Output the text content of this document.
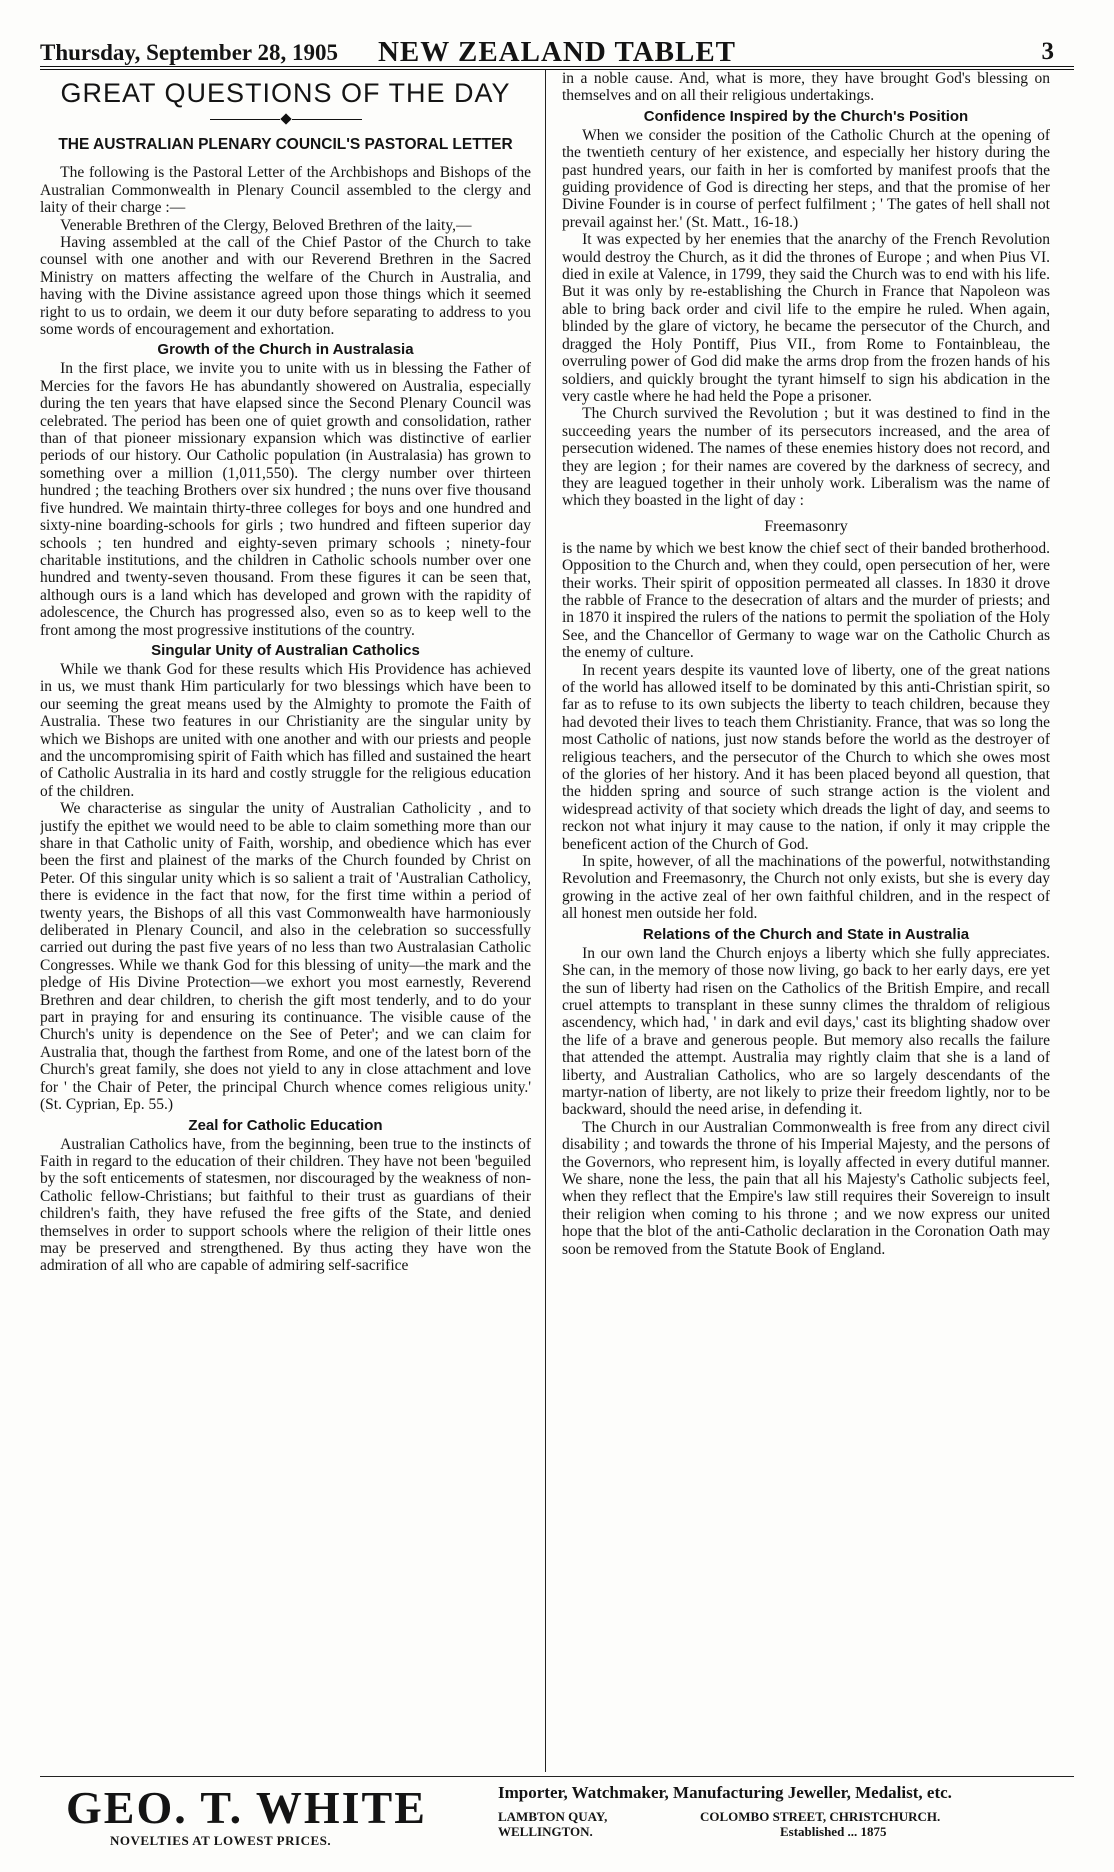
Thursday, September 28, 1905	NEW ZEALAND TABLET	3
GREAT QUESTIONS OF THE DAY
THE AUSTRALIAN PLENARY COUNCIL'S PASTORAL LETTER

The following is the Pastoral Letter of the Archbishops and Bishops of the Australian Commonwealth in Plenary Council assembled to the clergy and laity of their charge :—

Venerable Brethren of the Clergy, Beloved Brethren of the laity,—

Having assembled at the call of the Chief Pastor of the Church to take counsel with one another and with our Reverend Brethren in the Sacred Ministry on matters affecting the welfare of the Church in Australia, and having with the Divine assistance agreed upon those things which it seemed right to us to ordain, we deem it our duty before separating to address to you some words of encouragement and exhortation.

Growth of the Church in Australasia

In the first place, we invite you to unite with us in blessing the Father of Mercies for the favors He has abundantly showered on Australia, especially during the ten years that have elapsed since the Second Plenary Council was celebrated. The period has been one of quiet growth and consolidation, rather than of that pioneer missionary expansion which was distinctive of earlier periods of our history. Our Catholic population (in Australasia) has grown to something over a million (1,011,550). The clergy number over thirteen hundred ; the teaching Brothers over six hundred ; the nuns over five thousand five hundred. We maintain thirty-three colleges for boys and one hundred and sixty-nine boarding-schools for girls ; two hundred and fifteen superior day schools ; ten hundred and eighty-seven primary schools ; ninety-four charitable institutions, and the children in Catholic schools number over one hundred and twenty-seven thousand. From these figures it can be seen that, although ours is a land which has developed and grown with the rapidity of adolescence, the Church has progressed also, even so as to keep well to the front among the most progressive institutions of the country.

Singular Unity of Australian Catholics

While we thank God for these results which His Providence has achieved in us, we must thank Him particularly for two blessings which have been to our seeming the great means used by the Almighty to promote the Faith of Australia. These two features in our Christianity are the singular unity by which we Bishops are united with one another and with our priests and people and the uncompromising spirit of Faith which has filled and sustained the heart of Catholic Australia in its hard and costly struggle for the religious education of the children.

We characterise as singular the unity of Australian Catholicity , and to justify the epithet we would need to be able to claim something more than our share in that Catholic unity of Faith, worship, and obedience which has ever been the first and plainest of the marks of the Church founded by Christ on Peter. Of this singular unity which is so salient a trait of 'Australian Catholicy, there is evidence in the fact that now, for the first time within a period of twenty years, the Bishops of all this vast Commonwealth have harmoniously deliberated in Plenary Council, and also in the celebration so successfully carried out during the past five years of no less than two Australasian Catholic Congresses. While we thank God for this blessing of unity—the mark and the pledge of His Divine Protection—we exhort you most earnestly, Reverend Brethren and dear children, to cherish the gift most tenderly, and to do your part in praying for and ensuring its continuance. The visible cause of the Church's unity is dependence on the See of Peter'; and we can claim for Australia that, though the farthest from Rome, and one of the latest born of the Church's great family, she does not yield to any in close attachment and love for ' the Chair of Peter, the principal Church whence comes religious unity.' (St. Cyprian, Ep. 55.)

Zeal for Catholic Education

Australian Catholics have, from the beginning, been true to the instincts of Faith in regard to the education of their children. They have not been 'beguiled by the soft enticements of statesmen, nor discouraged by the weakness of non-Catholic fellow-Christians; but faithful to their trust as guardians of their children's faith, they have refused the free gifts of the State, and denied themselves in order to support schools where the religion of their little ones may be preserved and strengthened. By thus acting they have won the admiration of all who are capable of admiring self-sacrifice

in a noble cause. And, what is more, they have brought God's blessing on themselves and on all their religious undertakings.

Confidence Inspired by the Church's Position

When we consider the position of the Catholic Church at the opening of the twentieth century of her existence, and especially her history during the past hundred years, our faith in her is comforted by manifest proofs that the guiding providence of God is directing her steps, and that the promise of her Divine Founder is in course of perfect fulfilment ; ' The gates of hell shall not prevail against her.' (St. Matt., 16-18.)

It was expected by her enemies that the anarchy of the French Revolution would destroy the Church, as it did the thrones of Europe ; and when Pius VI. died in exile at Valence, in 1799, they said the Church was to end with his life. But it was only by re-establishing the Church in France that Napoleon was able to bring back order and civil life to the empire he ruled. When again, blinded by the glare of victory, he became the persecutor of the Church, and dragged the Holy Pontiff, Pius VII., from Rome to Fontainbleau, the overruling power of God did make the arms drop from the frozen hands of his soldiers, and quickly brought the tyrant himself to sign his abdication in the very castle where he had held the Pope a prisoner.

The Church survived the Revolution ; but it was destined to find in the succeeding years the number of its persecutors increased, and the area of persecution widened. The names of these enemies history does not record, and they are legion ; for their names are covered by the darkness of secrecy, and they are leagued together in their unholy work. Liberalism was the name of which they boasted in the light of day :

Freemasonry

is the name by which we best know the chief sect of their banded brotherhood. Opposition to the Church and, when they could, open persecution of her, were their works. Their spirit of opposition permeated all classes. In 1830 it drove the rabble of France to the desecration of altars and the murder of priests; and in 1870 it inspired the rulers of the nations to permit the spoliation of the Holy See, and the Chancellor of Germany to wage war on the Catholic Church as the enemy of culture.

In recent years despite its vaunted love of liberty, one of the great nations of the world has allowed itself to be dominated by this anti-Christian spirit, so far as to refuse to its own subjects the liberty to teach children, because they had devoted their lives to teach them Christianity. France, that was so long the most Catholic of nations, just now stands before the world as the destroyer of religious teachers, and the persecutor of the Church to which she owes most of the glories of her history. And it has been placed beyond all question, that the hidden spring and source of such strange action is the violent and widespread activity of that society which dreads the light of day, and seems to reckon not what injury it may cause to the nation, if only it may cripple the beneficent action of the Church of God.

In spite, however, of all the machinations of the powerful, notwithstanding Revolution and Freemasonry, the Church not only exists, but she is every day growing in the active zeal of her own faithful children, and in the respect of all honest men outside her fold.

Relations of the Church and State in Australia

In our own land the Church enjoys a liberty which she fully appreciates. She can, in the memory of those now living, go back to her early days, ere yet the sun of liberty had risen on the Catholics of the British Empire, and recall cruel attempts to transplant in these sunny climes the thraldom of religious ascendency, which had, ' in dark and evil days,' cast its blighting shadow over the life of a brave and generous people. But memory also recalls the failure that attended the attempt. Australia may rightly claim that she is a land of liberty, and Australian Catholics, who are so largely descendants of the martyr-nation of liberty, are not likely to prize their freedom lightly, nor to be backward, should the need arise, in defending it.

The Church in our Australian Commonwealth is free from any direct civil disability ; and towards the throne of his Imperial Majesty, and the persons of the Governors, who represent him, is loyally affected in every dutiful manner. We share, none the less, the pain that all his Majesty's Catholic subjects feel, when they reflect that the Empire's law still requires their Sovereign to insult their religion when coming to his throne ; and we now express our united hope that the blot of the anti-Catholic declaration in the Coronation Oath may soon be removed from the Statute Book of England.

GEO. T. WHITE
NOVELTIES AT LOWEST PRICES.
Importer, Watchmaker, Manufacturing Jeweller, Medalist, etc.
LAMBTON QUAY,
WELLINGTON.
COLOMBO STREET, CHRISTCHURCH.
Established ... 1875
